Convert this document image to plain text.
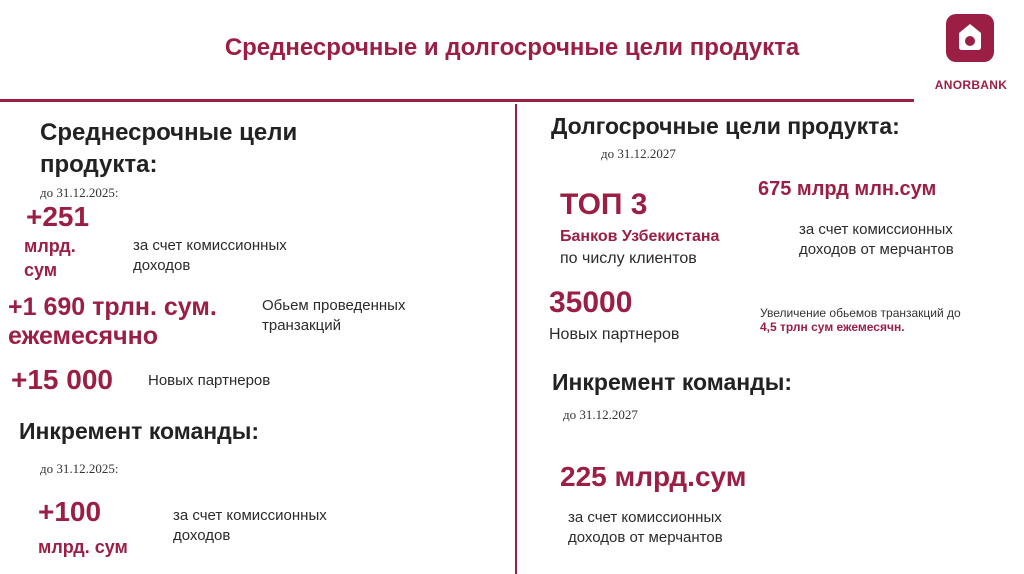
Среднесрочные и долгосрочные цели продукта
ANORBANK
Среднесрочные цели
продукта:
до 31.12.2025:
+251
млрд.
сум
за счет комиссионных
доходов
+1 690 трлн. сум.
ежемесячно
Обьем проведенных
транзакций
+15 000 Новых партнеров
Инкремент команды:
до 31.12.2025:
+100
млрд. сум
за счет комиссионных
доходов
Долгосрочные цели продукта:
до 31.12.2027
ТОП 3
Банков Узбекистана
по числу клиентов
675 млрд млн.сум
за счет комиссионных
доходов от мерчантов
35000
Новых партнеров
Увеличение обьемов транзакций до
4,5 трлн сум ежемесячн.
Инкремент команды:
до 31.12.2027
225 млрд.сум
за счет комиссионных
доходов от мерчантов
